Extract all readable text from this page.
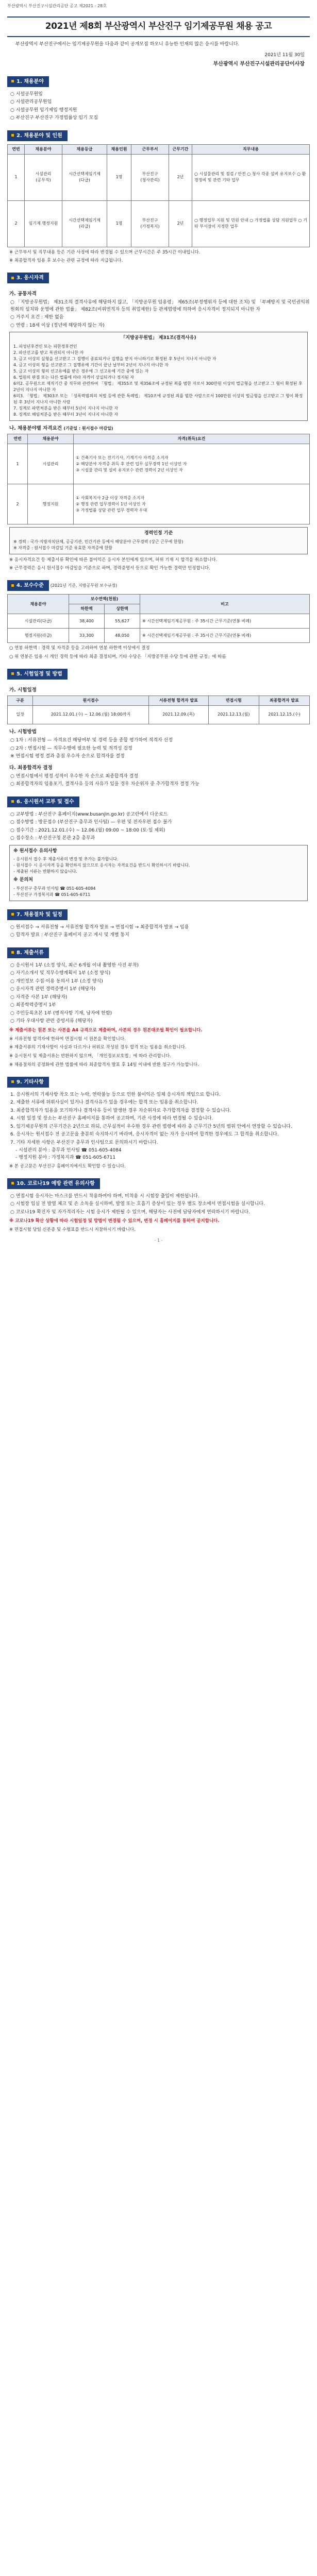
부산광역시 부산진구시설관리공단 공고 제2021 - 28호
2021년 제8회 부산광역시 부산진구 임기제공무원 채용 공고
부산광역시 부산진구에서는 임기제공무원을 다음과 같이 공개모집 하오니 유능한 인재의 많은 응시를 바랍니다.
2021년 11월 30일
부산광역시 부산진구시설관리공단이사장
1. 채용분야
○ 시설공무원임
○ 시설관리공무원임
○ 시설공무원 임기제임 행정지원
○ 부산진구 부산진구 가정법률상 임기 모집
2. 채용분야 및 인원
연번	채용분야	채용등급	채용인원	근무부서	근무기간	직무내용
1	시설관리
(공무직)	시간선택제임기제
(다급)	1명	부산진구
(청사관리)	2년	○ 시설물관리 및 점검 / 안전 ○ 청사 각종 설비 유지보수 ○ 환경정비 및 관련 기타 업무
2	임기제 행정지원	시간선택제임기제
(라급)	1명	부산진구
(가정복지)	2년	○ 행정업무 지원 및 민원 안내 ○ 가정법률 상담 지원업무 ○ 기타 부서장이 지정한 업무
※ 근무부서 및 직무내용 등은 기관 사정에 따라 변경될 수 있으며 근무시간은 주 35시간 이내입니다.
※ 최종합격자 임용 후 보수는 관련 규정에 따라 지급됩니다.
3. 응시자격
가. 공통자격
○ 「지방공무원법」 제31조의 결격사유에 해당하지 않고, 「지방공무원 임용령」 제65조(부정행위자 등에 대한 조치) 및 「부패방지 및 국민권익위원회의 설치와 운영에 관한 법률」 제82조(비위면직자 등의 취업제한) 등 관계법령에 의하여 응시자격이 정지되지 아니한 자
○ 거주지 요건 : 제한 없음
○ 연령 : 18세 이상 (정년에 해당하지 않는 자)
「지방공무원법」 제31조(결격사유)
1. 피성년후견인 또는 피한정후견인
2. 파산선고를 받고 복권되지 아니한 자
3. 금고 이상의 실형을 선고받고 그 집행이 종료되거나 집행을 받지 아니하기로 확정된 후 5년이 지나지 아니한 자
4. 금고 이상의 형을 선고받고 그 집행유예 기간이 끝난 날부터 2년이 지나지 아니한 자
5. 금고 이상의 형의 선고유예를 받은 경우에 그 선고유예 기간 중에 있는 자
6. 법원의 판결 또는 다른 법률에 따라 자격이 상실되거나 정지된 자
6의2. 공무원으로 재직기간 중 직무와 관련하여 「형법」 제355조 및 제356조에 규정된 죄를 범한 자로서 300만원 이상의 벌금형을 선고받고 그 형이 확정된 후 2년이 지나지 아니한 자
6의3. 「형법」 제303조 또는 「성폭력범죄의 처벌 등에 관한 특례법」 제10조에 규정된 죄를 범한 사람으로서 100만원 이상의 벌금형을 선고받고 그 형이 확정된 후 3년이 지나지 아니한 사람
7. 징계로 파면처분을 받은 때부터 5년이 지나지 아니한 자
8. 징계로 해임처분을 받은 때부터 3년이 지나지 아니한 자
나. 채용분야별 자격요건 (기준일 : 원서접수 마감일)
연번	채용분야	자격(취득)요건
1	시설관리	① 건축기사 또는 전기기사, 기계기사 자격증 소지자
② 해당분야 자격증 취득 후 관련 업무 실무경력 1년 이상인 자
③ 시설물 관리 및 설비 유지보수 관련 경력이 2년 이상인 자
2	행정지원	① 사회복지사 2급 이상 자격증 소지자
② 행정 관련 업무경력이 1년 이상인 자
③ 가정법률 상담 관련 업무 경력자 우대
경력인정 기준
※ 경력 : 국가·지방자치단체, 공공기관, 민간기관 등에서 해당분야 근무경력 (상근 근무에 한함)
※ 자격증 : 원서접수 마감일 기준 유효한 자격증에 한함
※ 응시자격요건 등 제출서류 확인에 따른 불이익은 응시자 본인에게 있으며, 허위 기재 시 합격을 취소합니다.
※ 근무경력은 응시 원서접수 마감일을 기준으로 하며, 경력증명서 등으로 확인 가능한 경력만 인정합니다.
4. 보수수준 (2021년 기준, 지방공무원 보수규정)
채용분야	보수연액(천원)		비고
	하한액	상한액	
시설관리(다급)	38,400	55,627	※ 시간선택제임기제공무원 : 주 35시간 근무기준(연봉 비례)
행정지원(라급)	33,300	48,050	※ 시간선택제임기제공무원 : 주 35시간 근무기준(연봉 비례)
○ 연봉 하한액 : 경력 및 자격증 등을 고려하여 연봉 하한액 이상에서 결정
○ 위 연봉은 임용 시 개인 경력 등에 따라 최종 결정되며, 기타 수당은 「지방공무원 수당 등에 관한 규정」에 따름
5. 시험일정 및 방법
가. 시험일정
구분	원서접수	서류전형 합격자 발표	면접시험	최종합격자 발표
일정	2021.12.01.(수) ~ 12.06.(월) 18:00까지	2021.12.09.(목)	2021.12.13.(월)	2021.12.15.(수)
나. 시험방법
○ 1차 : 서류전형 — 자격요건 해당여부 및 경력 등을 종합 평가하여 적격자 선정
○ 2차 : 면접시험 — 직무수행에 필요한 능력 및 적격성 검정
※ 면접시험 평정 결과 총점 우수자 순으로 합격자를 결정
다. 최종합격자 결정
○ 면접시험에서 평정 성적이 우수한 자 순으로 최종합격자 결정
○ 최종합격자의 임용포기, 결격사유 등의 사유가 있을 경우 차순위자 중 추가합격자 결정 가능
6. 응시원서 교부 및 접수
○ 교부방법 : 부산진구 홈페이지(www.busanjin.go.kr) 공고란에서 다운로드
○ 접수방법 : 방문접수 (부산진구 총무과 인사팀) — 우편 및 전자우편 접수 불가
○ 접수기간 : 2021.12.01.(수) ~ 12.06.(월) 09:00 ~ 18:00 (토·일 제외)
○ 접수장소 : 부산진구청 본관 2층 총무과
※ 원서접수 유의사항
- 응시원서 접수 후 제출서류의 변경 및 추가는 불가합니다.
- 원서접수 시 응시자격 등을 확인하지 않으므로 응시자는 자격요건을 반드시 확인하시기 바랍니다.
- 제출된 서류는 반환하지 않습니다.
※ 문의처
- 부산진구 총무과 인사팀 ☎ 051-605-4084
- 부산진구 가정복지과 ☎ 051-605-6711
7. 채용절차 및 일정
○ 원서접수 → 서류전형 → 서류전형 합격자 발표 → 면접시험 → 최종합격자 발표 → 임용
○ 합격자 발표 : 부산진구 홈페이지 공고 게시 및 개별 통지
8. 제출서류
○ 응시원서 1부 (소정 양식, 최근 6개월 이내 촬영한 사진 부착)
○ 자기소개서 및 직무수행계획서 1부 (소정 양식)
○ 개인정보 수집·이용 동의서 1부 (소정 양식)
○ 응시자격 관련 경력증명서 1부 (해당자)
○ 자격증 사본 1부 (해당자)
○ 최종학력증명서 1부
○ 주민등록초본 1부 (병적사항 기재, 남자에 한함)
○ 기타 우대사항 관련 증빙서류 (해당자)
※ 제출서류는 원본 또는 사본을 A4 규격으로 제출하며, 사본의 경우 원본대조필 확인이 필요합니다.
※ 서류전형 합격자에 한하여 면접시험 시 원본을 확인합니다.
※ 제출서류의 기재사항이 사실과 다르거나 허위로 작성된 경우 합격 또는 임용을 취소합니다.
※ 응시원서 및 제출서류는 반환하지 않으며, 「개인정보보호법」에 따라 관리합니다.
※ 채용절차의 공정화에 관한 법률에 따라 최종합격자 발표 후 14일 이내에 반환 청구가 가능합니다.
9. 기타사항
1. 응시원서의 기재사항 착오 또는 누락, 연락불능 등으로 인한 불이익은 일체 응시자의 책임으로 합니다.
2. 제출한 서류에 허위사실이 있거나 결격사유가 있을 경우에는 합격 또는 임용을 취소합니다.
3. 최종합격자가 임용을 포기하거나 결격사유 등이 발생한 경우 차순위자로 추가합격자를 결정할 수 있습니다.
4. 시험 일정 및 장소는 부산진구 홈페이지를 통하여 공고하며, 기관 사정에 따라 변경될 수 있습니다.
5. 임기제공무원의 근무기간은 2년으로 하되, 근무실적이 우수한 경우 관련 법령에 따라 총 근무기간 5년의 범위 안에서 연장할 수 있습니다.
6. 응시자는 원서접수 전 공고문을 충분히 숙지하시기 바라며, 응시자격이 없는 자가 응시하여 합격한 경우에도 그 합격을 취소합니다.
7. 기타 자세한 사항은 부산진구 총무과 인사팀으로 문의하시기 바랍니다.
- 시설관리 분야 : 총무과 인사팀 ☎ 051-605-4084
- 행정지원 분야 : 가정복지과 ☎ 051-605-6711
※ 본 공고문은 부산진구 홈페이지에서도 확인할 수 있습니다.
10. 코로나19 예방 관련 유의사항
○ 면접시험 응시자는 마스크를 반드시 착용하여야 하며, 미착용 시 시험장 출입이 제한됩니다.
○ 시험장 입실 전 발열 체크 및 손 소독을 실시하며, 발열 또는 호흡기 증상이 있는 경우 별도 장소에서 면접시험을 실시합니다.
○ 코로나19 확진자 및 자가격리자는 시험 응시가 제한될 수 있으며, 해당자는 사전에 담당자에게 연락하시기 바랍니다.
※ 코로나19 확산 상황에 따라 시험일정 및 방법이 변경될 수 있으며, 변경 시 홈페이지를 통하여 공지합니다.
※ 면접시험 당일 신분증 및 수험표를 반드시 지참하시기 바랍니다.
- 1 -
